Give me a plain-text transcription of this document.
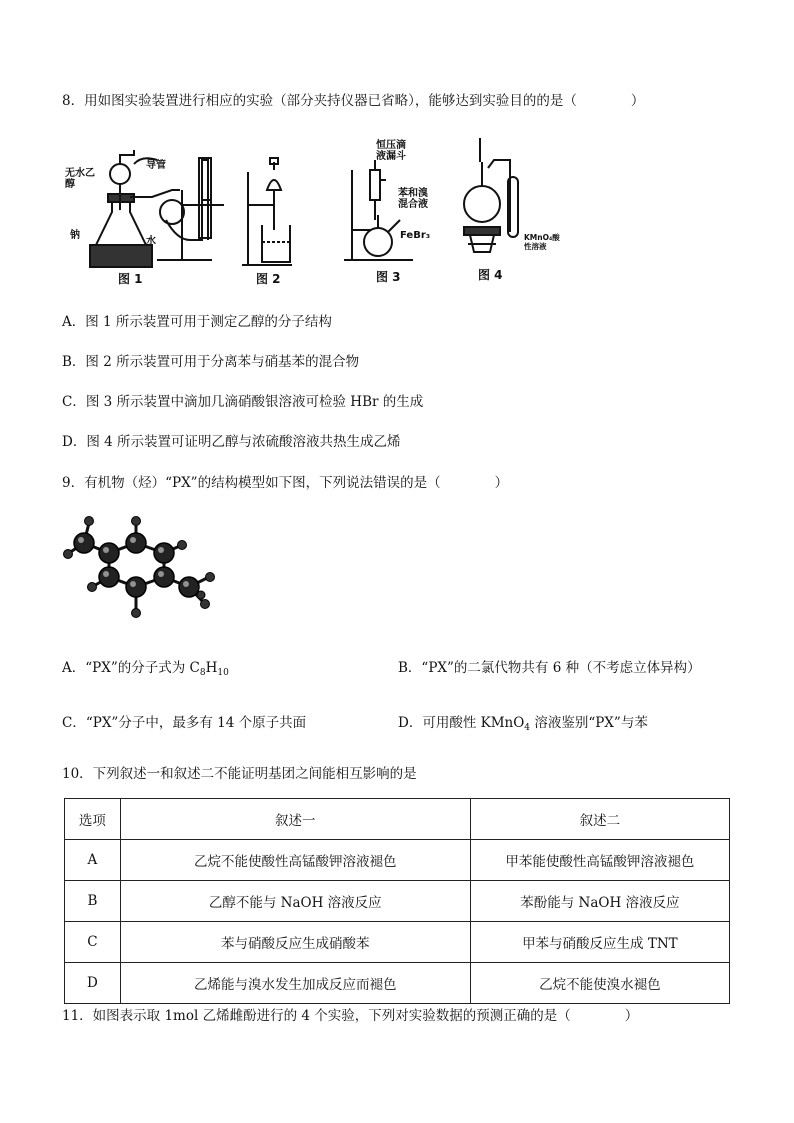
8．用如图实验装置进行相应的实验（部分夹持仪器已省略），能够达到实验目的的是（　　　　）
无水乙醇
导管
钠
水
图 1	图 2
恒压滴液漏斗
苯和溴混合液
FeBr₃
图 3
KMnO₄酸性溶液
图 4
A．图 1 所示装置可用于测定乙醇的分子结构
B．图 2 所示装置可用于分离苯与硝基苯的混合物
C．图 3 所示装置中滴加几滴硝酸银溶液可检验 HBr 的生成
D．图 4 所示装置可证明乙醇与浓硫酸溶液共热生成乙烯
9．有机物（烃）“PX”的结构模型如下图，下列说法错误的是（　　　　）
A．“PX”的分子式为 $C_8H_{10}$	B．“PX”的二氯代物共有 6 种（不考虑立体异构）
C．“PX”分子中，最多有 14 个原子共面	D．可用酸性 KMnO$_4$ 溶液鉴别“PX”与苯
10．下列叙述一和叙述二不能证明基团之间能相互影响的是
选项	叙述一	叙述二
A	乙烷不能使酸性高锰酸钾溶液褪色	甲苯能使酸性高锰酸钾溶液褪色
B	乙醇不能与 NaOH 溶液反应	苯酚能与 NaOH 溶液反应
C	苯与硝酸反应生成硝酸苯	甲苯与硝酸反应生成 TNT
D	乙烯能与溴水发生加成反应而褪色	乙烷不能使溴水褪色
11．如图表示取 1mol 乙烯雌酚进行的 4 个实验，下列对实验数据的预测正确的是（　　　　）
